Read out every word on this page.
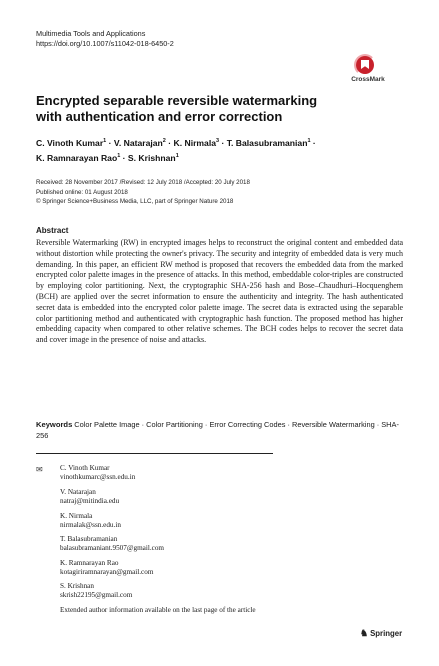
Multimedia Tools and Applications
https://doi.org/10.1007/s11042-018-6450-2
CrossMark
Encrypted separable reversible watermarking
with authentication and error correction
C. Vinoth Kumar$^1$ · V. Natarajan$^2$ · K. Nirmala$^3$ · T. Balasubramanian$^1$ ·
K. Ramnarayan Rao$^1$ · S. Krishnan$^1$
Received: 28 November 2017 /Revised: 12 July 2018 /Accepted: 20 July 2018
Published online: 01 August 2018
© Springer Science+Business Media, LLC, part of Springer Nature 2018
Abstract
Reversible Watermarking (RW) in encrypted images helps to reconstruct the original content and embedded data without distortion while protecting the owner's privacy. The security and integrity of embedded data is very much demanding. In this paper, an efficient RW method is proposed that recovers the embedded data from the marked encrypted color palette images in the presence of attacks. In this method, embeddable color-triples are constructed by employing color partitioning. Next, the cryptographic SHA-256 hash and Bose–Chaudhuri–Hocquenghem (BCH) are applied over the secret information to ensure the authenticity and integrity. The hash authenticated secret data is embedded into the encrypted color palette image. The secret data is extracted using the separable color partitioning method and authenticated with cryptographic hash function. The proposed method has higher embedding capacity when compared to other relative schemes. The BCH codes helps to recover the secret data and cover image in the presence of noise and attacks.
Keywords Color Palette Image · Color Partitioning · Error Correcting Codes · Reversible Watermarking · SHA-256
✉ C. Vinoth Kumar
vinothkumarc@ssn.edu.in
V. Natarajan
natraj@mitindia.edu
K. Nirmala
nirmalak@ssn.edu.in
T. Balasubramanian
balasubramaniant.9507@gmail.com
K. Ramnarayan Rao
kotagiriramnarayan@gmail.com
S. Krishnan
skrish22195@gmail.com
Extended author information available on the last page of the article
♞ Springer
